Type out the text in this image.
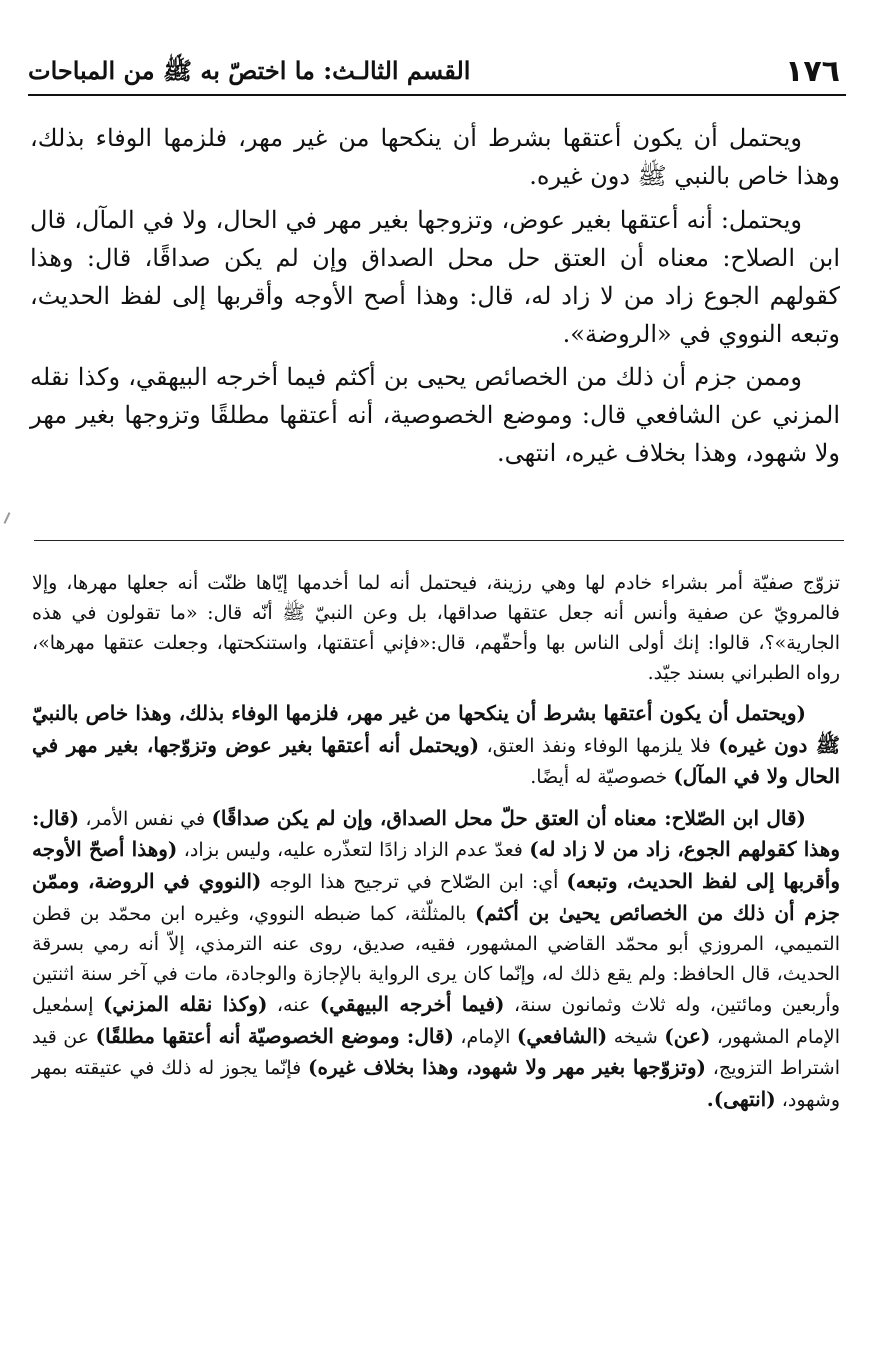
١٧٦
القسم الثالـث: ما اختصّ به ﷺ من المباحات

ويحتمل أن يكون أعتقها بشرط أن ينكحها من غير مهر، فلزمها الوفاء بذلك، وهذا خاص بالنبي ﷺ دون غيره.

ويحتمل: أنه أعتقها بغير عوض، وتزوجها بغير مهر في الحال، ولا في المآل، قال ابن الصلاح: معناه أن العتق حل محل الصداق وإن لم يكن صداقًا، قال: وهذا كقولهم الجوع زاد من لا زاد له، قال: وهذا أصح الأوجه وأقربها إلى لفظ الحديث، وتبعه النووي في «الروضة».

وممن جزم أن ذلك من الخصائص يحيى بن أكثم فيما أخرجه البيهقي، وكذا نقله المزني عن الشافعي قال: وموضع الخصوصية، أنه أعتقها مطلقًا وتزوجها بغير مهر ولا شهود، وهذا بخلاف غيره، انتهى.

تزوّج صفيّة أمر بشراء خادم لها وهي رزينة، فيحتمل أنه لما أخدمها إيّاها ظنّت أنه جعلها مهرها، وإلا فالمرويّ عن صفية وأنس أنه جعل عتقها صداقها، بل وعن النبيّ ﷺ أنّه قال: «ما تقولون في هذه الجارية»؟، قالوا: إنك أولى الناس بها وأحقّهم، قال:«فإني أعتقتها، واستنكحتها، وجعلت عتقها مهرها»، رواه الطبراني بسند جيّد.

(ويحتمل أن يكون أعتقها بشرط أن ينكحها من غير مهر، فلزمها الوفاء بذلك، وهذا خاص بالنبيّ ﷺ دون غيره) فلا يلزمها الوفاء ونفذ العتق، (ويحتمل أنه أعتقها بغير عوض وتزوّجها، بغير مهر في الحال ولا في المآل) خصوصيّة له أيضًا.

(قال ابن الصّلاح: معناه أن العتق حلّ محل الصداق، وإن لم يكن صداقًا) في نفس الأمر، (قال: وهذا كقولهم الجوع، زاد من لا زاد له) فعدّ عدم الزاد زادًا لتعذّره عليه، وليس بزاد، (وهذا أصحّ الأوجه وأقربها إلى لفظ الحديث، وتبعه) أي: ابن الصّلاح في ترجيح هذا الوجه (النووي في الروضة، وممّن جزم أن ذلك من الخصائص يحيىٰ بن أكثم) بالمثلّثة، كما ضبطه النووي، وغيره ابن محمّد بن قطن التميمي، المروزي أبو محمّد القاضي المشهور، فقيه، صديق، روى عنه الترمذي، إلاّ أنه رمي بسرقة الحديث، قال الحافظ: ولم يقع ذلك له، وإنّما كان يرى الرواية بالإجازة والوجادة، مات في آخر سنة اثنتين وأربعين ومائتين، وله ثلاث وثمانون سنة، (فيما أخرجه البيهقي) عنه، (وكذا نقله المزني) إسمٰعيل الإمام المشهور، (عن) شيخه (الشافعي) الإمام، (قال: وموضع الخصوصيّة أنه أعتقها مطلقًا) عن قيد اشتراط التزويج، (وتزوّجها بغير مهر ولا شهود، وهذا بخلاف غيره) فإنّما يجوز له ذلك في عتيقته بمهر وشهود، (انتهى).
